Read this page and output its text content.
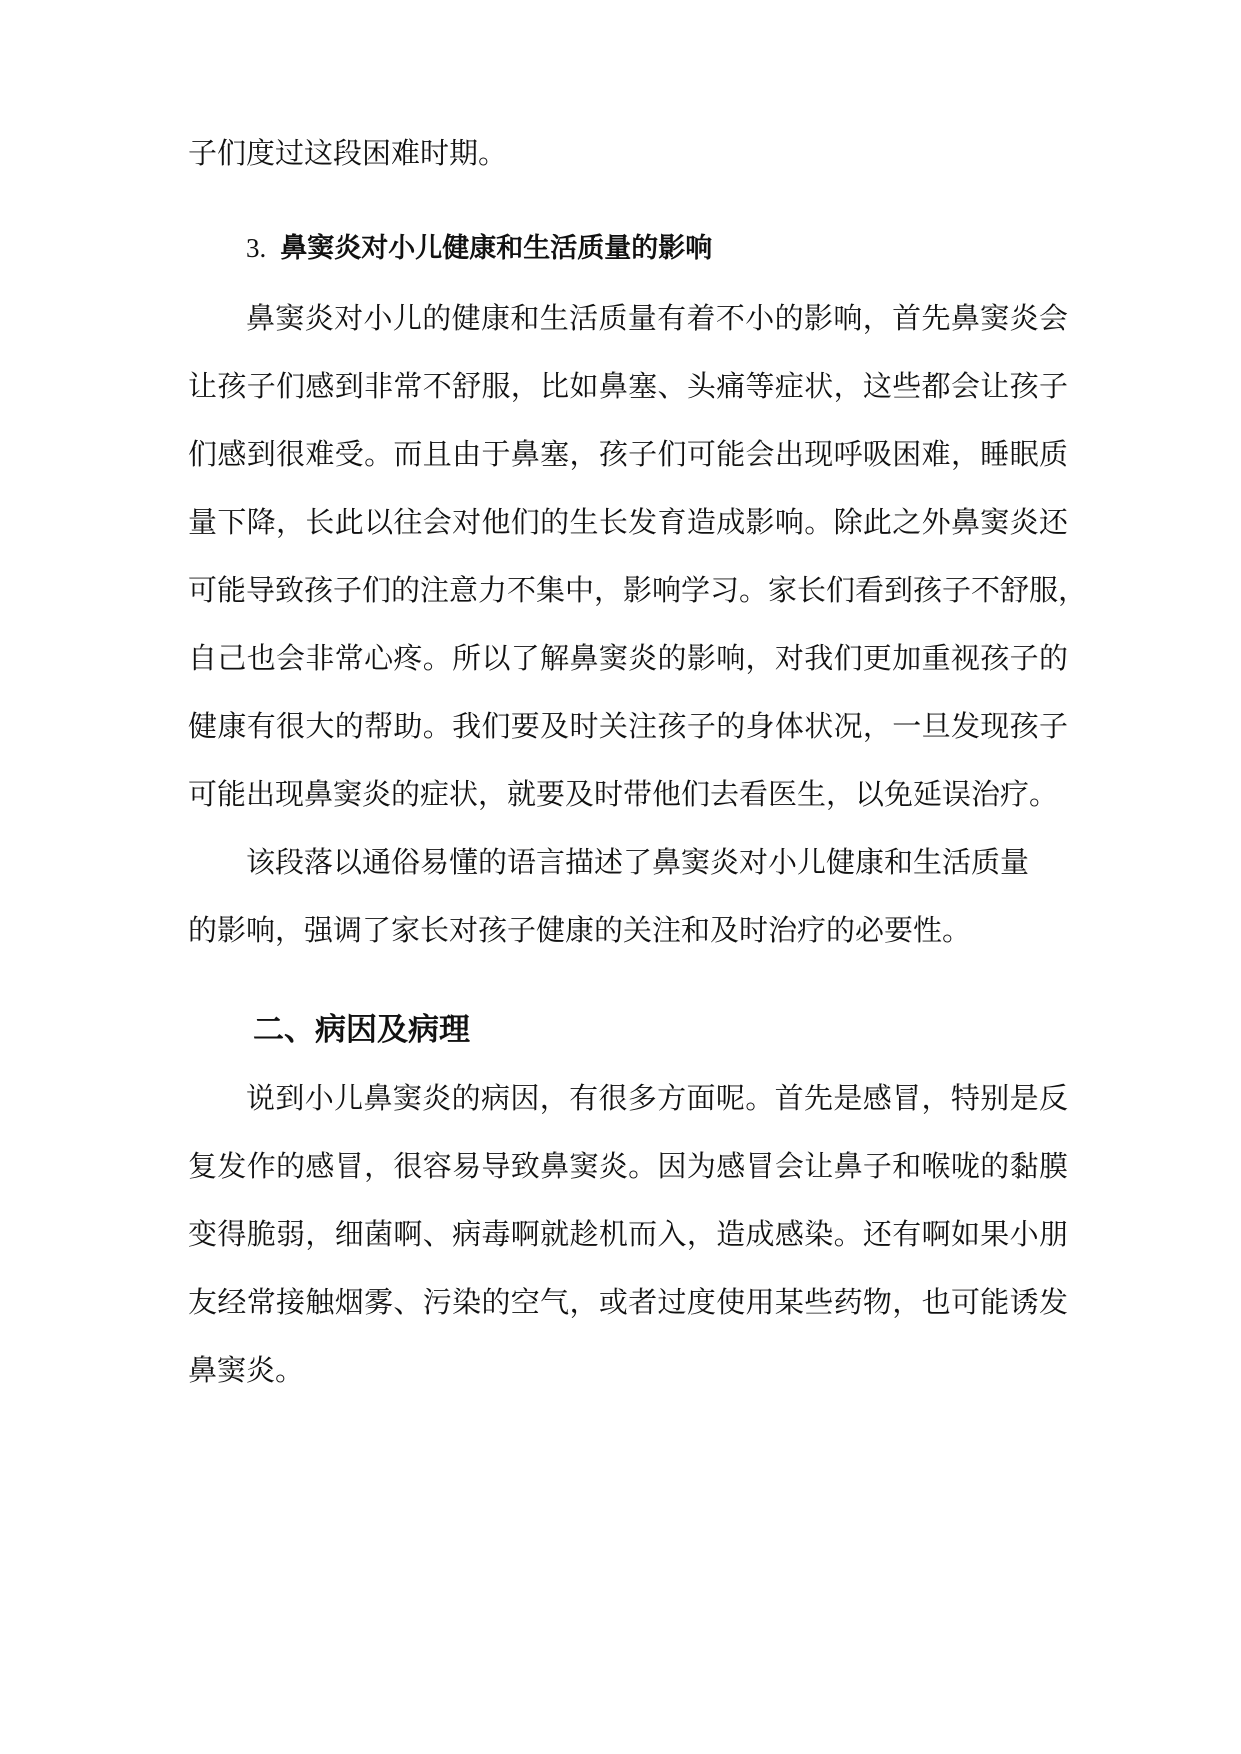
子们度过这段困难时期。
3. 鼻窦炎对小儿健康和生活质量的影响
鼻窦炎对小儿的健康和生活质量有着不小的影响，首先鼻窦炎会
让孩子们感到非常不舒服，比如鼻塞、头痛等症状，这些都会让孩子
们感到很难受。而且由于鼻塞，孩子们可能会出现呼吸困难，睡眠质
量下降，长此以往会对他们的生长发育造成影响。除此之外鼻窦炎还
可能导致孩子们的注意力不集中，影响学习。家长们看到孩子不舒服，
自己也会非常心疼。所以了解鼻窦炎的影响，对我们更加重视孩子的
健康有很大的帮助。我们要及时关注孩子的身体状况，一旦发现孩子
可能出现鼻窦炎的症状，就要及时带他们去看医生，以免延误治疗。
该段落以通俗易懂的语言描述了鼻窦炎对小儿健康和生活质量
的影响，强调了家长对孩子健康的关注和及时治疗的必要性。
二、病因及病理
说到小儿鼻窦炎的病因，有很多方面呢。首先是感冒，特别是反
复发作的感冒，很容易导致鼻窦炎。因为感冒会让鼻子和喉咙的黏膜
变得脆弱，细菌啊、病毒啊就趁机而入，造成感染。还有啊如果小朋
友经常接触烟雾、污染的空气，或者过度使用某些药物，也可能诱发
鼻窦炎。
